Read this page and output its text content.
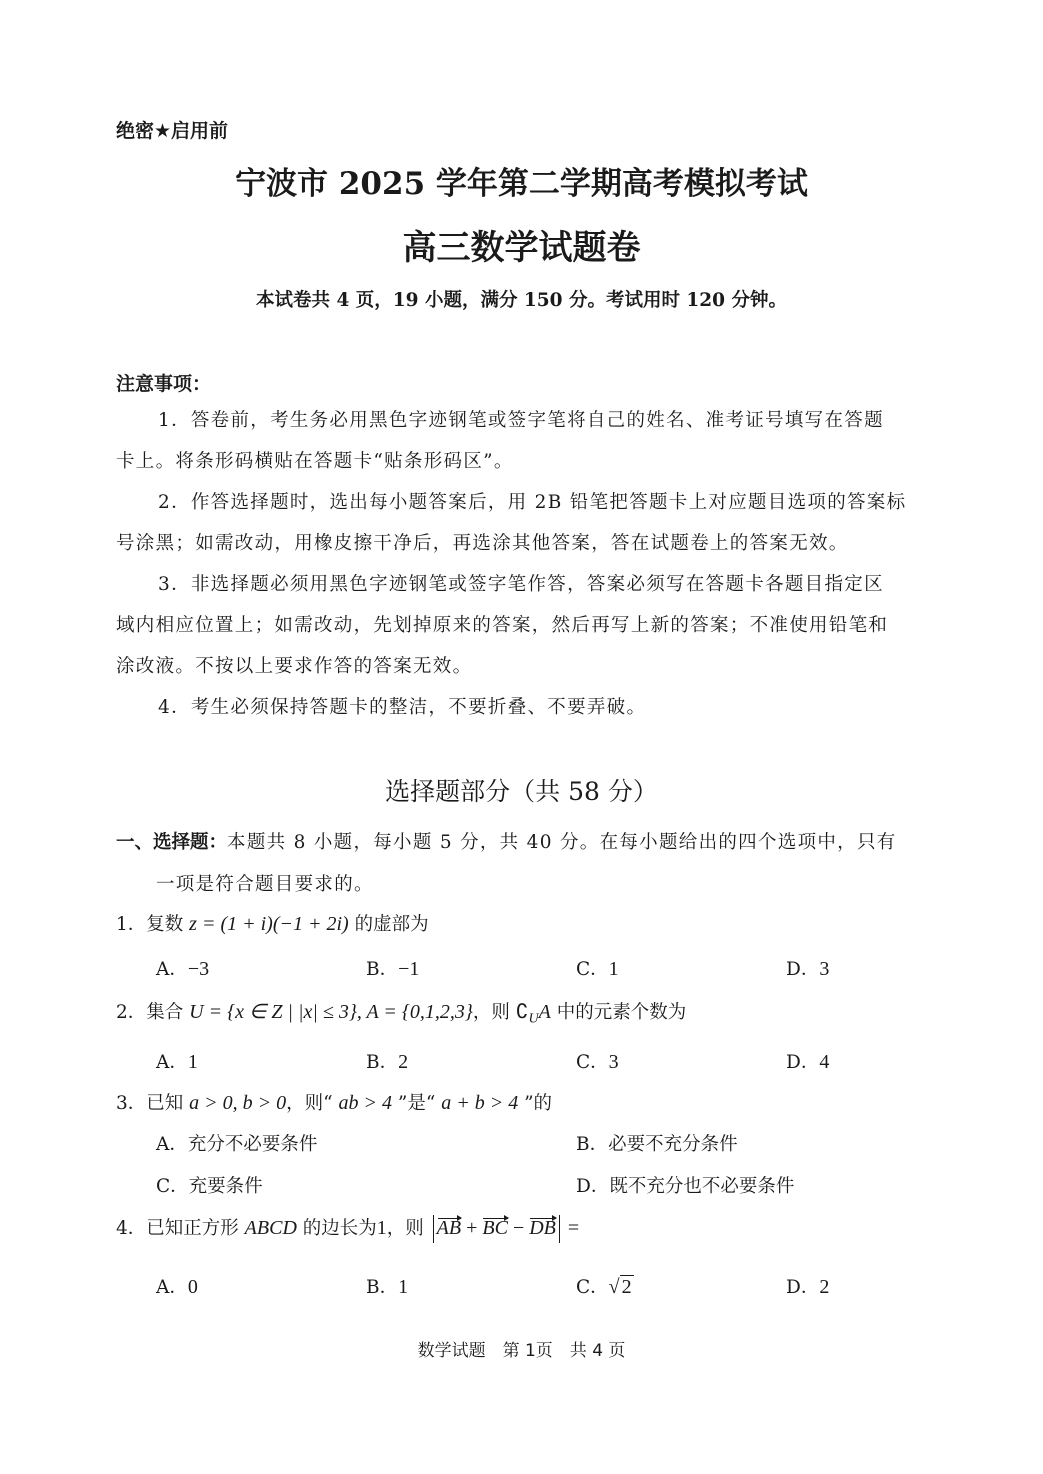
绝密★启用前
宁波市 2025 学年第二学期高考模拟考试
高三数学试题卷
本试卷共 4 页，19 小题，满分 150 分。考试用时 120 分钟。
注意事项：
1．答卷前，考生务必用黑色字迹钢笔或签字笔将自己的姓名、准考证号填写在答题
卡上。将条形码横贴在答题卡“贴条形码区”。
2．作答选择题时，选出每小题答案后，用 2B 铅笔把答题卡上对应题目选项的答案标
号涂黑；如需改动，用橡皮擦干净后，再选涂其他答案，答在试题卷上的答案无效。
3．非选择题必须用黑色字迹钢笔或签字笔作答，答案必须写在答题卡各题目指定区
域内相应位置上；如需改动，先划掉原来的答案，然后再写上新的答案；不准使用铅笔和
涂改液。不按以上要求作答的答案无效。
4．考生必须保持答题卡的整洁，不要折叠、不要弄破。
选择题部分（共 58 分）
一、选择题：本题共 8 小题，每小题 5 分，共 40 分。在每小题给出的四个选项中，只有
一项是符合题目要求的。
1．复数 z = (1 + i)(−1 + 2i) 的虚部为
A．−3	B．−1	C．1	D．3
2．集合 U = {x ∈ Z | |x| ≤ 3}, A = {0,1,2,3}，则 $∁_UA$ 中的元素个数为
A．1	B．2	C．3	D．4
3．已知 a > 0, b > 0，则“ ab > 4 ”是“ a + b > 4 ”的
A．充分不必要条件	B．必要不充分条件
C．充要条件	D．既不充分也不必要条件
4．已知正方形 ABCD 的边长为1，则 AB + BC − DB =
A．0	B．1	C．√ 2	D．2
数学试题　第 1页　共 4 页
